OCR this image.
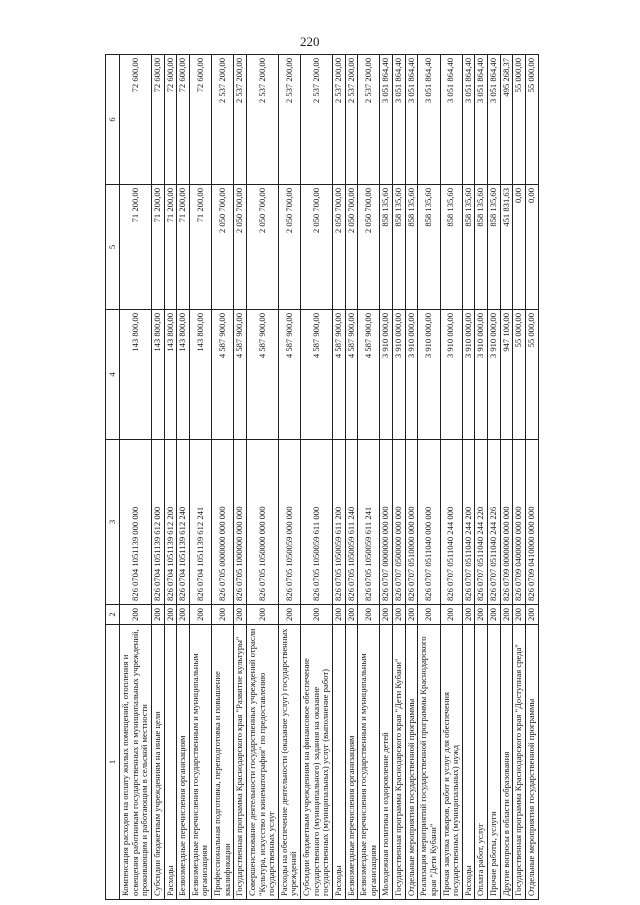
220
1	2	3	4	5	6
Компенсация расходов на оплату жилых помещений, отопления и освещения работникам государственных и муниципальных учреждений, проживающим и работающим в сельской местности	200	826 0704 1051139 000 000	143 800,00	71 200,00	72 600,00
Субсидии бюджетным учреждениям на иные цели	200	826 0704 1051139 612 000	143 800,00	71 200,00	72 600,00
Расходы	200	826 0704 1051139 612 200	143 800,00	71 200,00	72 600,00
Безвозмездные перечисления организациям	200	826 0704 1051139 612 240	143 800,00	71 200,00	72 600,00
Безвозмездные перечисления государственным и муниципальным организациям	200	826 0704 1051139 612 241	143 800,00	71 200,00	72 600,00
Профессиональная подготовка, переподготовка и повышение квалификации	200	826 0705 0000000 000 000	4 587 900,00	2 050 700,00	2 537 200,00
Государственная программа Краснодарского края "Развитие культуры"	200	826 0705 1000000 000 000	4 587 900,00	2 050 700,00	2 537 200,00
Совершенствование деятельности государственных учреждений отрасли "Культура, искусство и кинематография" по предоставлению государственных услуг	200	826 0705 1050000 000 000	4 587 900,00	2 050 700,00	2 537 200,00
Расходы на обеспечение деятельности (оказание услуг) государственных учреждений	200	826 0705 1050059 000 000	4 587 900,00	2 050 700,00	2 537 200,00
Субсидии бюджетным учреждениям на финансовое обеспечение государственного (муниципального) задания на оказание государственных (муниципальных) услуг (выполнение работ)	200	826 0705 1050059 611 000	4 587 900,00	2 050 700,00	2 537 200,00
Расходы	200	826 0705 1050059 611 200	4 587 900,00	2 050 700,00	2 537 200,00
Безвозмездные перечисления организациям	200	826 0705 1050059 611 240	4 587 900,00	2 050 700,00	2 537 200,00
Безвозмездные перечисления государственным и муниципальным организациям	200	826 0705 1050059 611 241	4 587 900,00	2 050 700,00	2 537 200,00
Молодежная политика и оздоровление детей	200	826 0707 0000000 000 000	3 910 000,00	858 135,60	3 051 864,40
Государственная программа Краснодарского края "Дети Кубани"	200	826 0707 0500000 000 000	3 910 000,00	858 135,60	3 051 864,40
Отдельные мероприятия государственной программы	200	826 0707 0510000 000 000	3 910 000,00	858 135,60	3 051 864,40
Реализация мероприятий государственной программы Краснодарского края "Дети Кубани"	200	826 0707 0511040 000 000	3 910 000,00	858 135,60	3 051 864,40
Прочая закупка товаров, работ и услуг для обеспечения государственных (муниципальных) нужд	200	826 0707 0511040 244 000	3 910 000,00	858 135,60	3 051 864,40
Расходы	200	826 0707 0511040 244 200	3 910 000,00	858 135,60	3 051 864,40
Оплата работ, услуг	200	826 0707 0511040 244 220	3 910 000,00	858 135,60	3 051 864,40
Прочие работы, услуги	200	826 0707 0511040 244 226	3 910 000,00	858 135,60	3 051 864,40
Другие вопросы в области образования	200	826 0709 0000000 000 000	947 100,00	451 831,63	495 268,37
Государственная программа Краснодарского края "Доступная среда"	200	826 0709 0400000 000 000	55 000,00	0,00	55 000,00
Отдельные мероприятия государственной программы	200	826 0709 0410000 000 000	55 000,00	0,00	55 000,00
